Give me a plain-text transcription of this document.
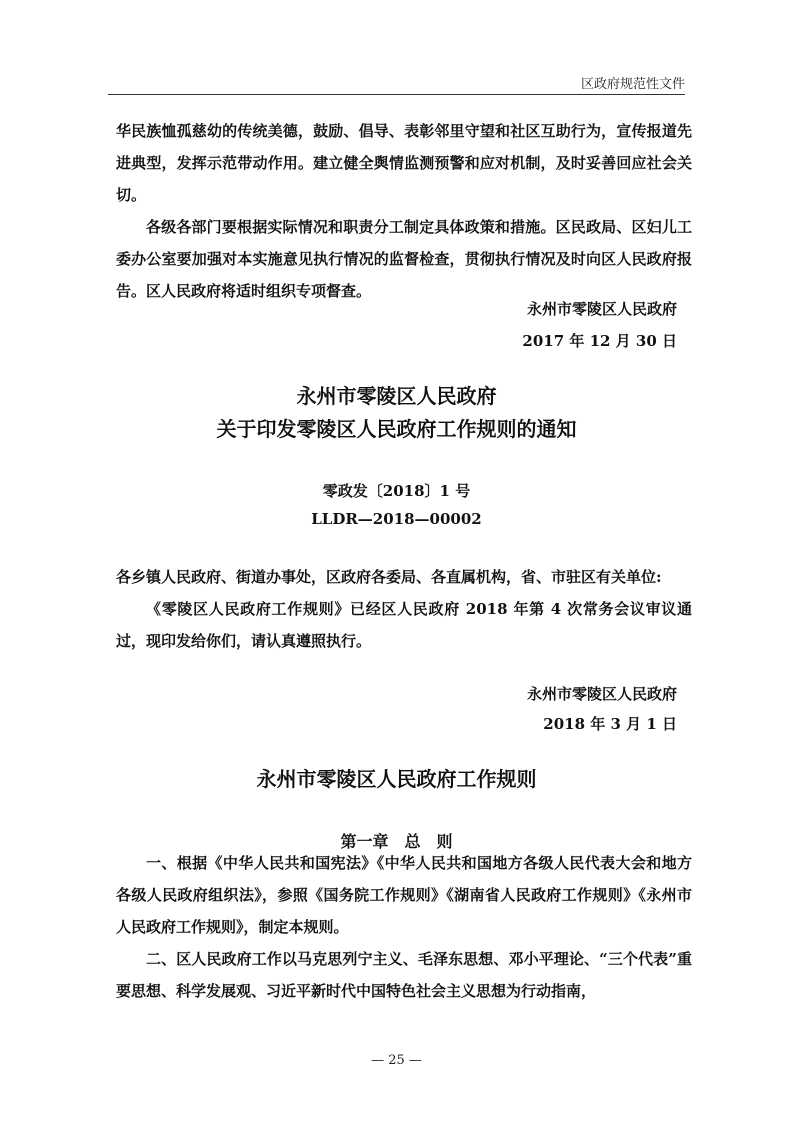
区政府规范性文件

华民族恤孤慈幼的传统美德，鼓励、倡导、表彰邻里守望和社区互助行为，宣传报道先进典型，发挥示范带动作用。建立健全舆情监测预警和应对机制，及时妥善回应社会关切。

各级各部门要根据实际情况和职责分工制定具体政策和措施。区民政局、区妇儿工委办公室要加强对本实施意见执行情况的监督检查，贯彻执行情况及时向区人民政府报告。区人民政府将适时组织专项督查。

永州市零陵区人民政府
2017 年 12 月 30 日
永州市零陵区人民政府
关于印发零陵区人民政府工作规则的通知
零政发〔2018〕1 号
LLDR—2018—00002

各乡镇人民政府、街道办事处，区政府各委局、各直属机构，省、市驻区有关单位:

《零陵区人民政府工作规则》已经区人民政府 2018 年第 4 次常务会议审议通过，现印发给你们，请认真遵照执行。

永州市零陵区人民政府
2018 年 3 月 1 日
永州市零陵区人民政府工作规则
第一章　总　则

一、根据《中华人民共和国宪法》《中华人民共和国地方各级人民代表大会和地方各级人民政府组织法》，参照《国务院工作规则》《湖南省人民政府工作规则》《永州市人民政府工作规则》，制定本规则。

二、区人民政府工作以马克思列宁主义、毛泽东思想、邓小平理论、“三个代表”重要思想、科学发展观、习近平新时代中国特色社会主义思想为行动指南，

— 25 —
